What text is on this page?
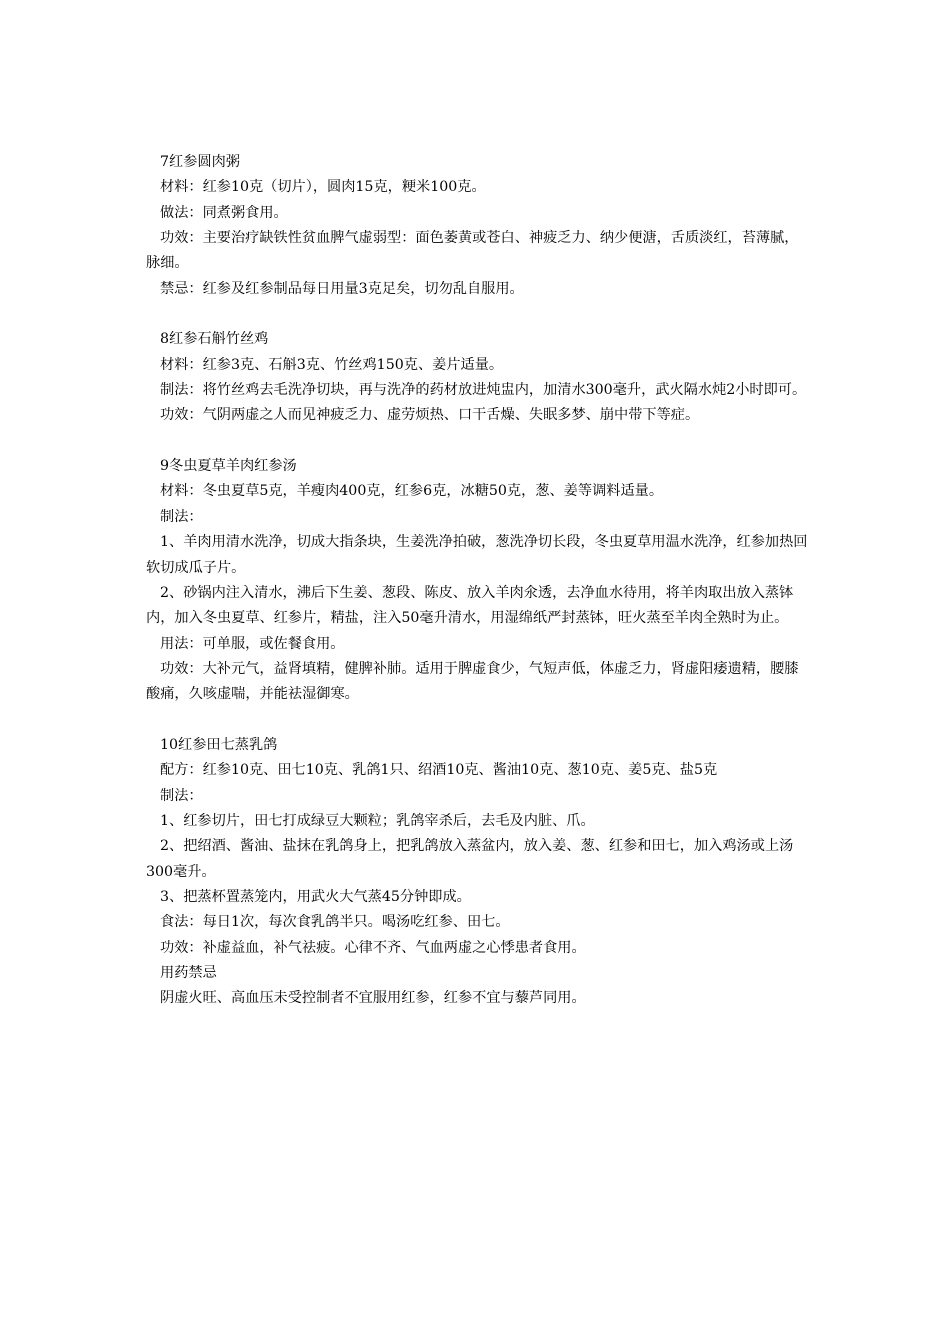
7红参圆肉粥

材料：红参10克（切片），圆肉15克，粳米100克。

做法：同煮粥食用。

功效：主要治疗缺铁性贫血脾气虚弱型：面色萎黄或苍白、神疲乏力、纳少便溏，舌质淡红，苔薄腻，脉细。

禁忌：红参及红参制品每日用量3克足矣，切勿乱自服用。

8红参石斛竹丝鸡

材料：红参3克、石斛3克、竹丝鸡150克、姜片适量。

制法：将竹丝鸡去毛洗净切块，再与洗净的药材放进炖盅内，加清水300毫升，武火隔水炖2小时即可。

功效：气阴两虚之人而见神疲乏力、虚劳烦热、口干舌燥、失眠多梦、崩中带下等症。

9冬虫夏草羊肉红参汤

材料：冬虫夏草5克，羊瘦肉400克，红参6克，冰糖50克，葱、姜等调料适量。

制法：

1、羊肉用清水洗净，切成大指条块，生姜洗净拍破，葱洗净切长段，冬虫夏草用温水洗净，红参加热回软切成瓜子片。

2、砂锅内注入清水，沸后下生姜、葱段、陈皮、放入羊肉氽透，去净血水待用，将羊肉取出放入蒸钵内，加入冬虫夏草、红参片，精盐，注入50毫升清水，用湿绵纸严封蒸钵，旺火蒸至羊肉全熟时为止。

用法：可单服，或佐餐食用。

功效：大补元气，益肾填精，健脾补肺。适用于脾虚食少，气短声低，体虚乏力，肾虚阳痿遗精，腰膝酸痛，久咳虚喘，并能祛湿御寒。

10红参田七蒸乳鸽

配方：红参10克、田七10克、乳鸽1只、绍酒10克、酱油10克、葱10克、姜5克、盐5克

制法：

1、红参切片，田七打成绿豆大颗粒；乳鸽宰杀后，去毛及内脏、爪。

2、把绍酒、酱油、盐抹在乳鸽身上，把乳鸽放入蒸盆内，放入姜、葱、红参和田七，加入鸡汤或上汤300毫升。

3、把蒸杯置蒸笼内，用武火大气蒸45分钟即成。

食法：每日1次，每次食乳鸽半只。喝汤吃红参、田七。

功效：补虚益血，补气祛疲。心律不齐、气血两虚之心悸患者食用。

用药禁忌

阴虚火旺、高血压未受控制者不宜服用红参，红参不宜与藜芦同用。
